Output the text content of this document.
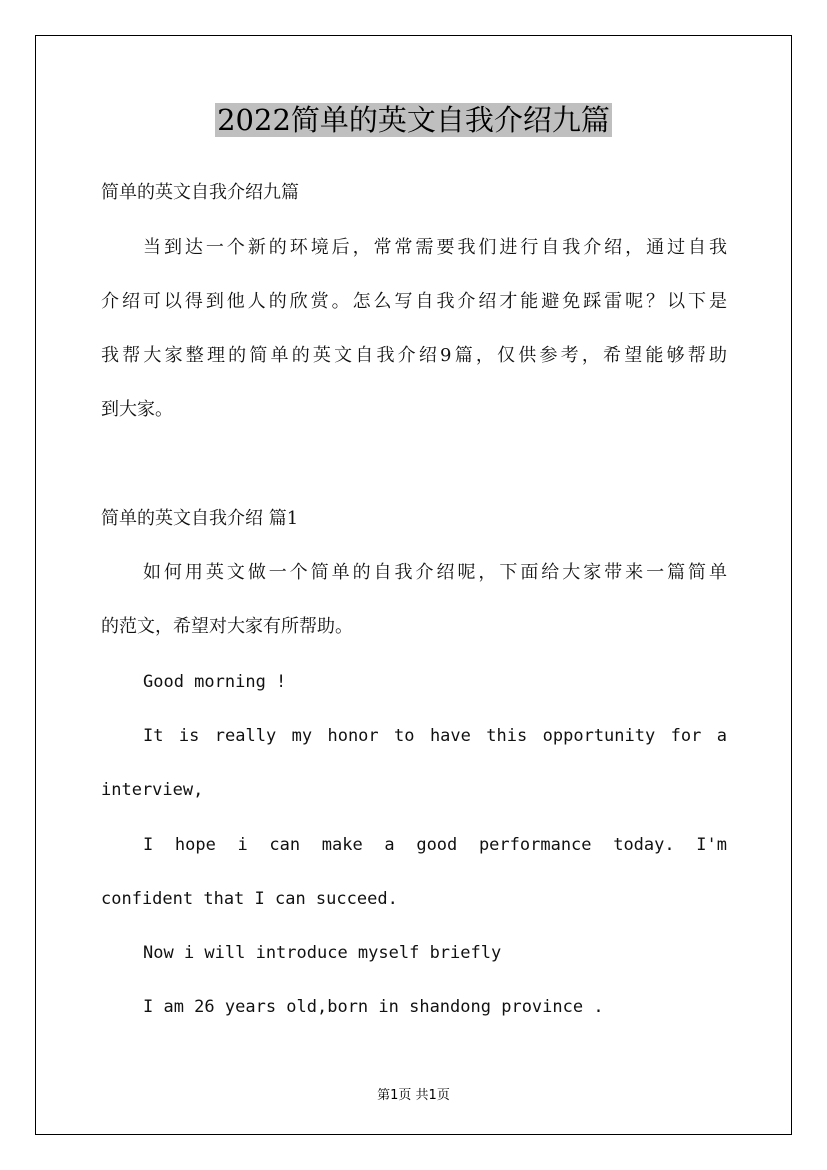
2022简单的英文自我介绍九篇
简单的英文自我介绍九篇
当到达一个新的环境后，常常需要我们进行自我介绍，通过自我
介绍可以得到他人的欣赏。怎么写自我介绍才能避免踩雷呢？以下是
我帮大家整理的简单的英文自我介绍9篇，仅供参考，希望能够帮助
到大家。
简单的英文自我介绍 篇1
如何用英文做一个简单的自我介绍呢，下面给大家带来一篇简单
的范文，希望对大家有所帮助。
Good morning !
It is really my honor to have this opportunity for a
interview,
I hope i can make a good performance today. I'm
confident that I can succeed.
Now i will introduce myself briefly
I am 26 years old,born in shandong province .
第1页 共1页
